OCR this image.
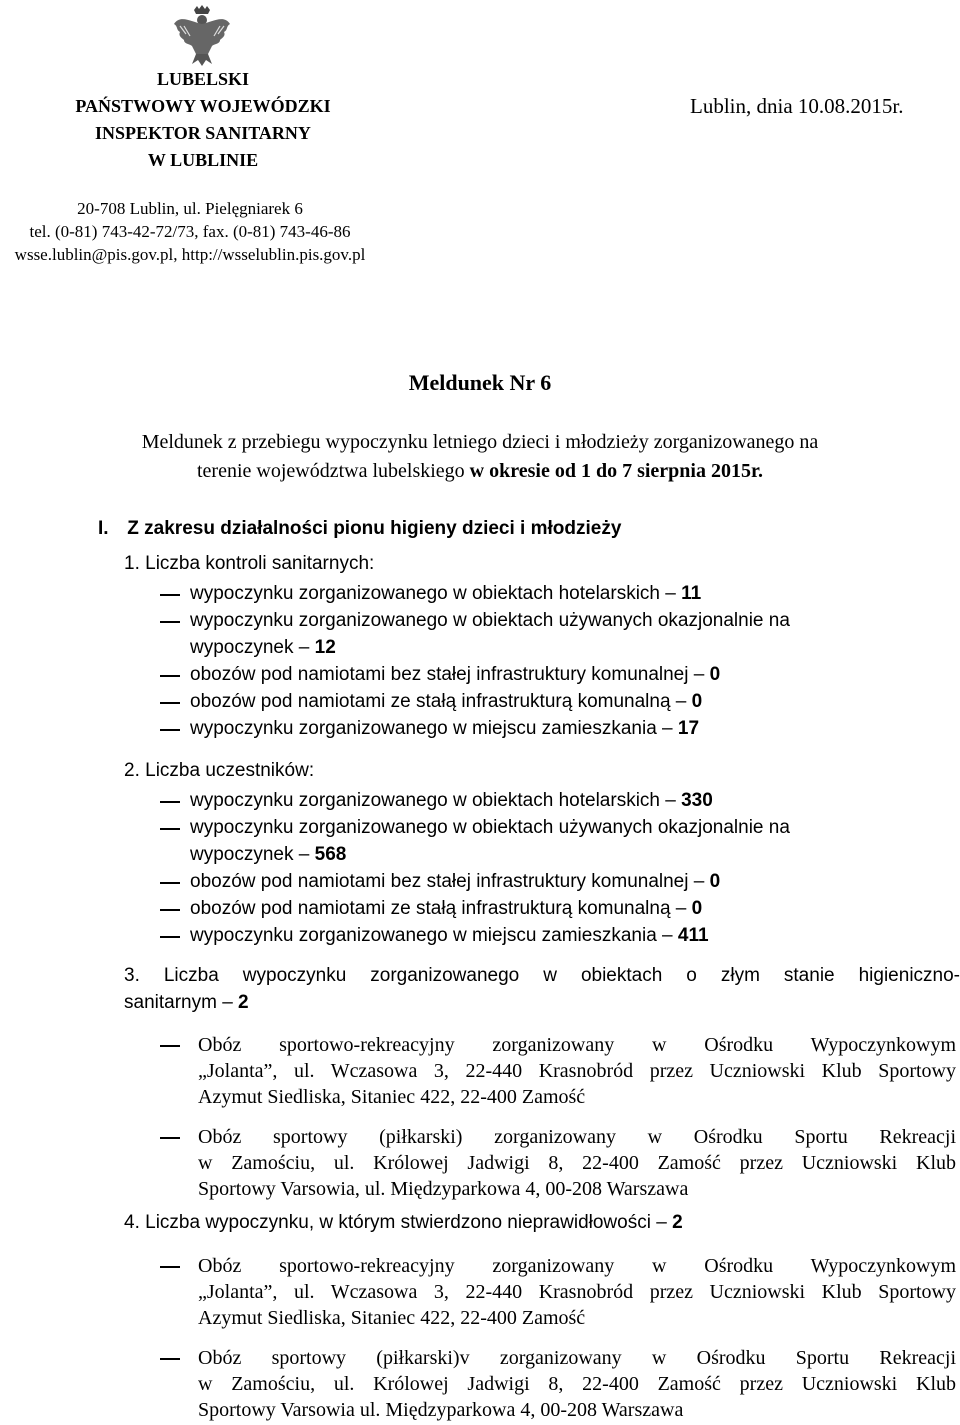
LUBELSKI
PAŃSTWOWY WOJEWÓDZKI
INSPEKTOR SANITARNY
W LUBLINIE
Lublin, dnia 10.08.2015r.
20-708 Lublin, ul. Pielęgniarek 6
tel. (0-81) 743-42-72/73, fax. (0-81) 743-46-86
wsse.lublin@pis.gov.pl, http://wsselublin.pis.gov.pl
Meldunek Nr 6
Meldunek z przebiegu wypoczynku letniego dzieci i młodzieży zorganizowanego na
terenie województwa lubelskiego w okresie od 1 do 7 sierpnia 2015r.
I. Z zakresu działalności pionu higieny dzieci i młodzieży
1. Liczba kontroli sanitarnych:
wypoczynku zorganizowanego w obiektach hotelarskich – 11
wypoczynku zorganizowanego w obiektach używanych okazjonalnie na
wypoczynek – 12
obozów pod namiotami bez stałej infrastruktury komunalnej – 0
obozów pod namiotami ze stałą infrastrukturą komunalną – 0
wypoczynku zorganizowanego w miejscu zamieszkania – 17
2. Liczba uczestników:
wypoczynku zorganizowanego w obiektach hotelarskich – 330
wypoczynku zorganizowanego w obiektach używanych okazjonalnie na
wypoczynek – 568
obozów pod namiotami bez stałej infrastruktury komunalnej – 0
obozów pod namiotami ze stałą infrastrukturą komunalną – 0
wypoczynku zorganizowanego w miejscu zamieszkania – 411
3. Liczba wypoczynku zorganizowanego w obiektach o złym stanie higieniczno-
sanitarnym – 2
Obóz sportowo-rekreacyjny zorganizowany w Ośrodku Wypoczynkowym
„Jolanta”, ul. Wczasowa 3, 22-440 Krasnobród przez Uczniowski Klub Sportowy
Azymut Siedliska, Sitaniec 422, 22-400 Zamość
Obóz sportowy (piłkarski) zorganizowany w Ośrodku Sportu Rekreacji
w Zamościu, ul. Królowej Jadwigi 8, 22-400 Zamość przez Uczniowski Klub
Sportowy Varsowia, ul. Międzyparkowa 4, 00-208 Warszawa
4. Liczba wypoczynku, w którym stwierdzono nieprawidłowości – 2
Obóz sportowo-rekreacyjny zorganizowany w Ośrodku Wypoczynkowym
„Jolanta”, ul. Wczasowa 3, 22-440 Krasnobród przez Uczniowski Klub Sportowy
Azymut Siedliska, Sitaniec 422, 22-400 Zamość
Obóz sportowy (piłkarski)v zorganizowany w Ośrodku Sportu Rekreacji
w Zamościu, ul. Królowej Jadwigi 8, 22-400 Zamość przez Uczniowski Klub
Sportowy Varsowia ul. Międzyparkowa 4, 00-208 Warszawa
